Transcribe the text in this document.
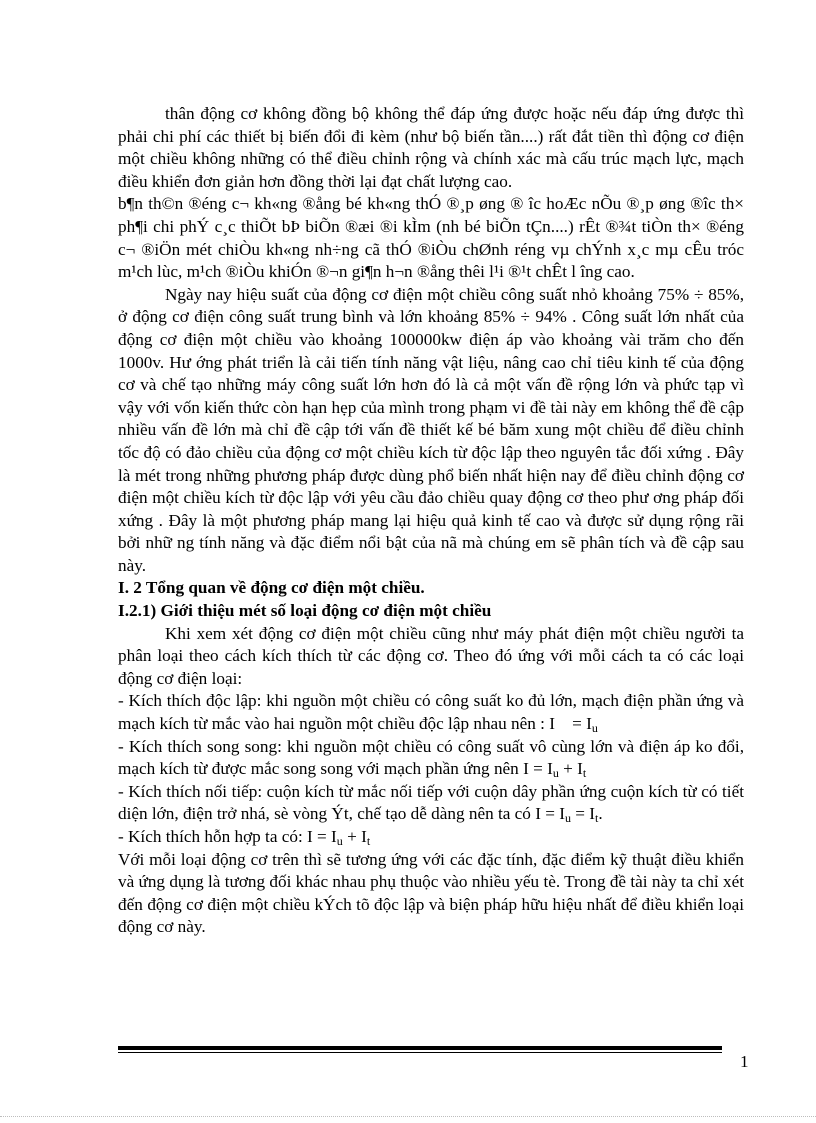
thân động cơ không đồng bộ không thể đáp ứng được hoặc nếu đáp ứng được thì phải chi phí các thiết bị biến đổi đi kèm (như bộ biến tần....) rất đắt tiền thì động cơ điện một chiều không những có thể điều chỉnh rộng và chính xác mà cấu trúc mạch lực, mạch điều khiển đơn giản hơn đồng thời lại đạt chất lượng cao.

b¶n th©n ®éng c¬ kh«ng ®ång bé kh«ng thÓ ®¸p øng ® îc hoÆc nÕu ®¸p øng ®îc th× ph¶i chi phÝ c¸c thiÕt bÞ biÕn ®æi ®i kÌm (nh bé biÕn tÇn....) rÊt ®¾t tiÒn th× ®éng c¬ ®iÖn mét chiÒu kh«ng nh÷ng cã thÓ ®iÒu chØnh réng vµ chÝnh x¸c mµ cÊu tróc m¹ch lùc, m¹ch ®iÒu khiÓn ®¬n gi¶n h¬n ®ång thêi l¹i ®¹t chÊt l îng cao.

Ngày nay hiệu suất của động cơ điện một chiều công suất nhỏ khoảng 75% ÷ 85%, ở động cơ điện công suất trung bình và lớn khoảng 85% ÷ 94% . Công suất lớn nhất của động cơ điện một chiều vào khoảng 100000kw điện áp vào khoảng vài trăm cho đến 1000v. Hư ớng phát triển là cải tiến tính năng vật liệu, nâng cao chỉ tiêu kinh tế của động cơ và chế tạo những máy công suất lớn hơn đó là cả một vấn đề rộng lớn và phức tạp vì vậy với vốn kiến thức còn hạn hẹp của mình trong phạm vi đề tài này em không thể đề cập nhiều vấn đề lớn mà chỉ đề cập tới vấn đề thiết kế bé băm xung một chiều để điều chỉnh tốc độ có đảo chiều của động cơ một chiều kích từ độc lập theo nguyên tắc đối xứng . Đây là mét trong những phương pháp được dùng phổ biến nhất hiện nay để điều chỉnh động cơ điện một chiều kích từ độc lập với yêu cầu đảo chiều quay động cơ theo phư ơng pháp đối xứng . Đây là một phương pháp mang lại hiệu quả kinh tế cao và được sử dụng rộng rãi bởi nhữ ng tính năng và đặc điểm nổi bật của nã mà chúng em sẽ phân tích và đề cập sau này.

I. 2 Tổng quan về động cơ điện một chiều.

I.2.1) Giới thiệu mét số loại động cơ điện một chiều

Khi xem xét động cơ điện một chiều cũng như máy phát điện một chiều người ta phân loại theo cách kích thích từ các động cơ. Theo đó ứng với mỗi cách ta có các loại động cơ điện loại:

- Kích thích độc lập: khi nguồn một chiều có công suất ko đủ lớn, mạch điện phần ứng và mạch kích từ mắc vào hai nguồn một chiều độc lập nhau nên : $I = I_u$

- Kích thích song song: khi nguồn một chiều có công suất vô cùng lớn và điện áp ko đổi, mạch kích từ được mắc song song với mạch phần ứng nên $I = I_u + I_t$

- Kích thích nối tiếp: cuộn kích từ mắc nối tiếp với cuộn dây phần ứng cuộn kích từ có tiết diện lớn, điện trở nhá, sè vòng Ýt, chế tạo dễ dàng nên ta có $I = I_u = I_t$.

- Kích thích hỗn hợp ta có: $I = I_u + I_t$

Với mỗi loại động cơ trên thì sẽ tương ứng với các đặc tính, đặc điểm kỹ thuật điều khiển và ứng dụng là tương đối khác nhau phụ thuộc vào nhiều yếu tè. Trong đề tài này ta chỉ xét đến động cơ điện một chiều kÝch tõ độc lập và biện pháp hữu hiệu nhất để điều khiển loại động cơ này.

1
